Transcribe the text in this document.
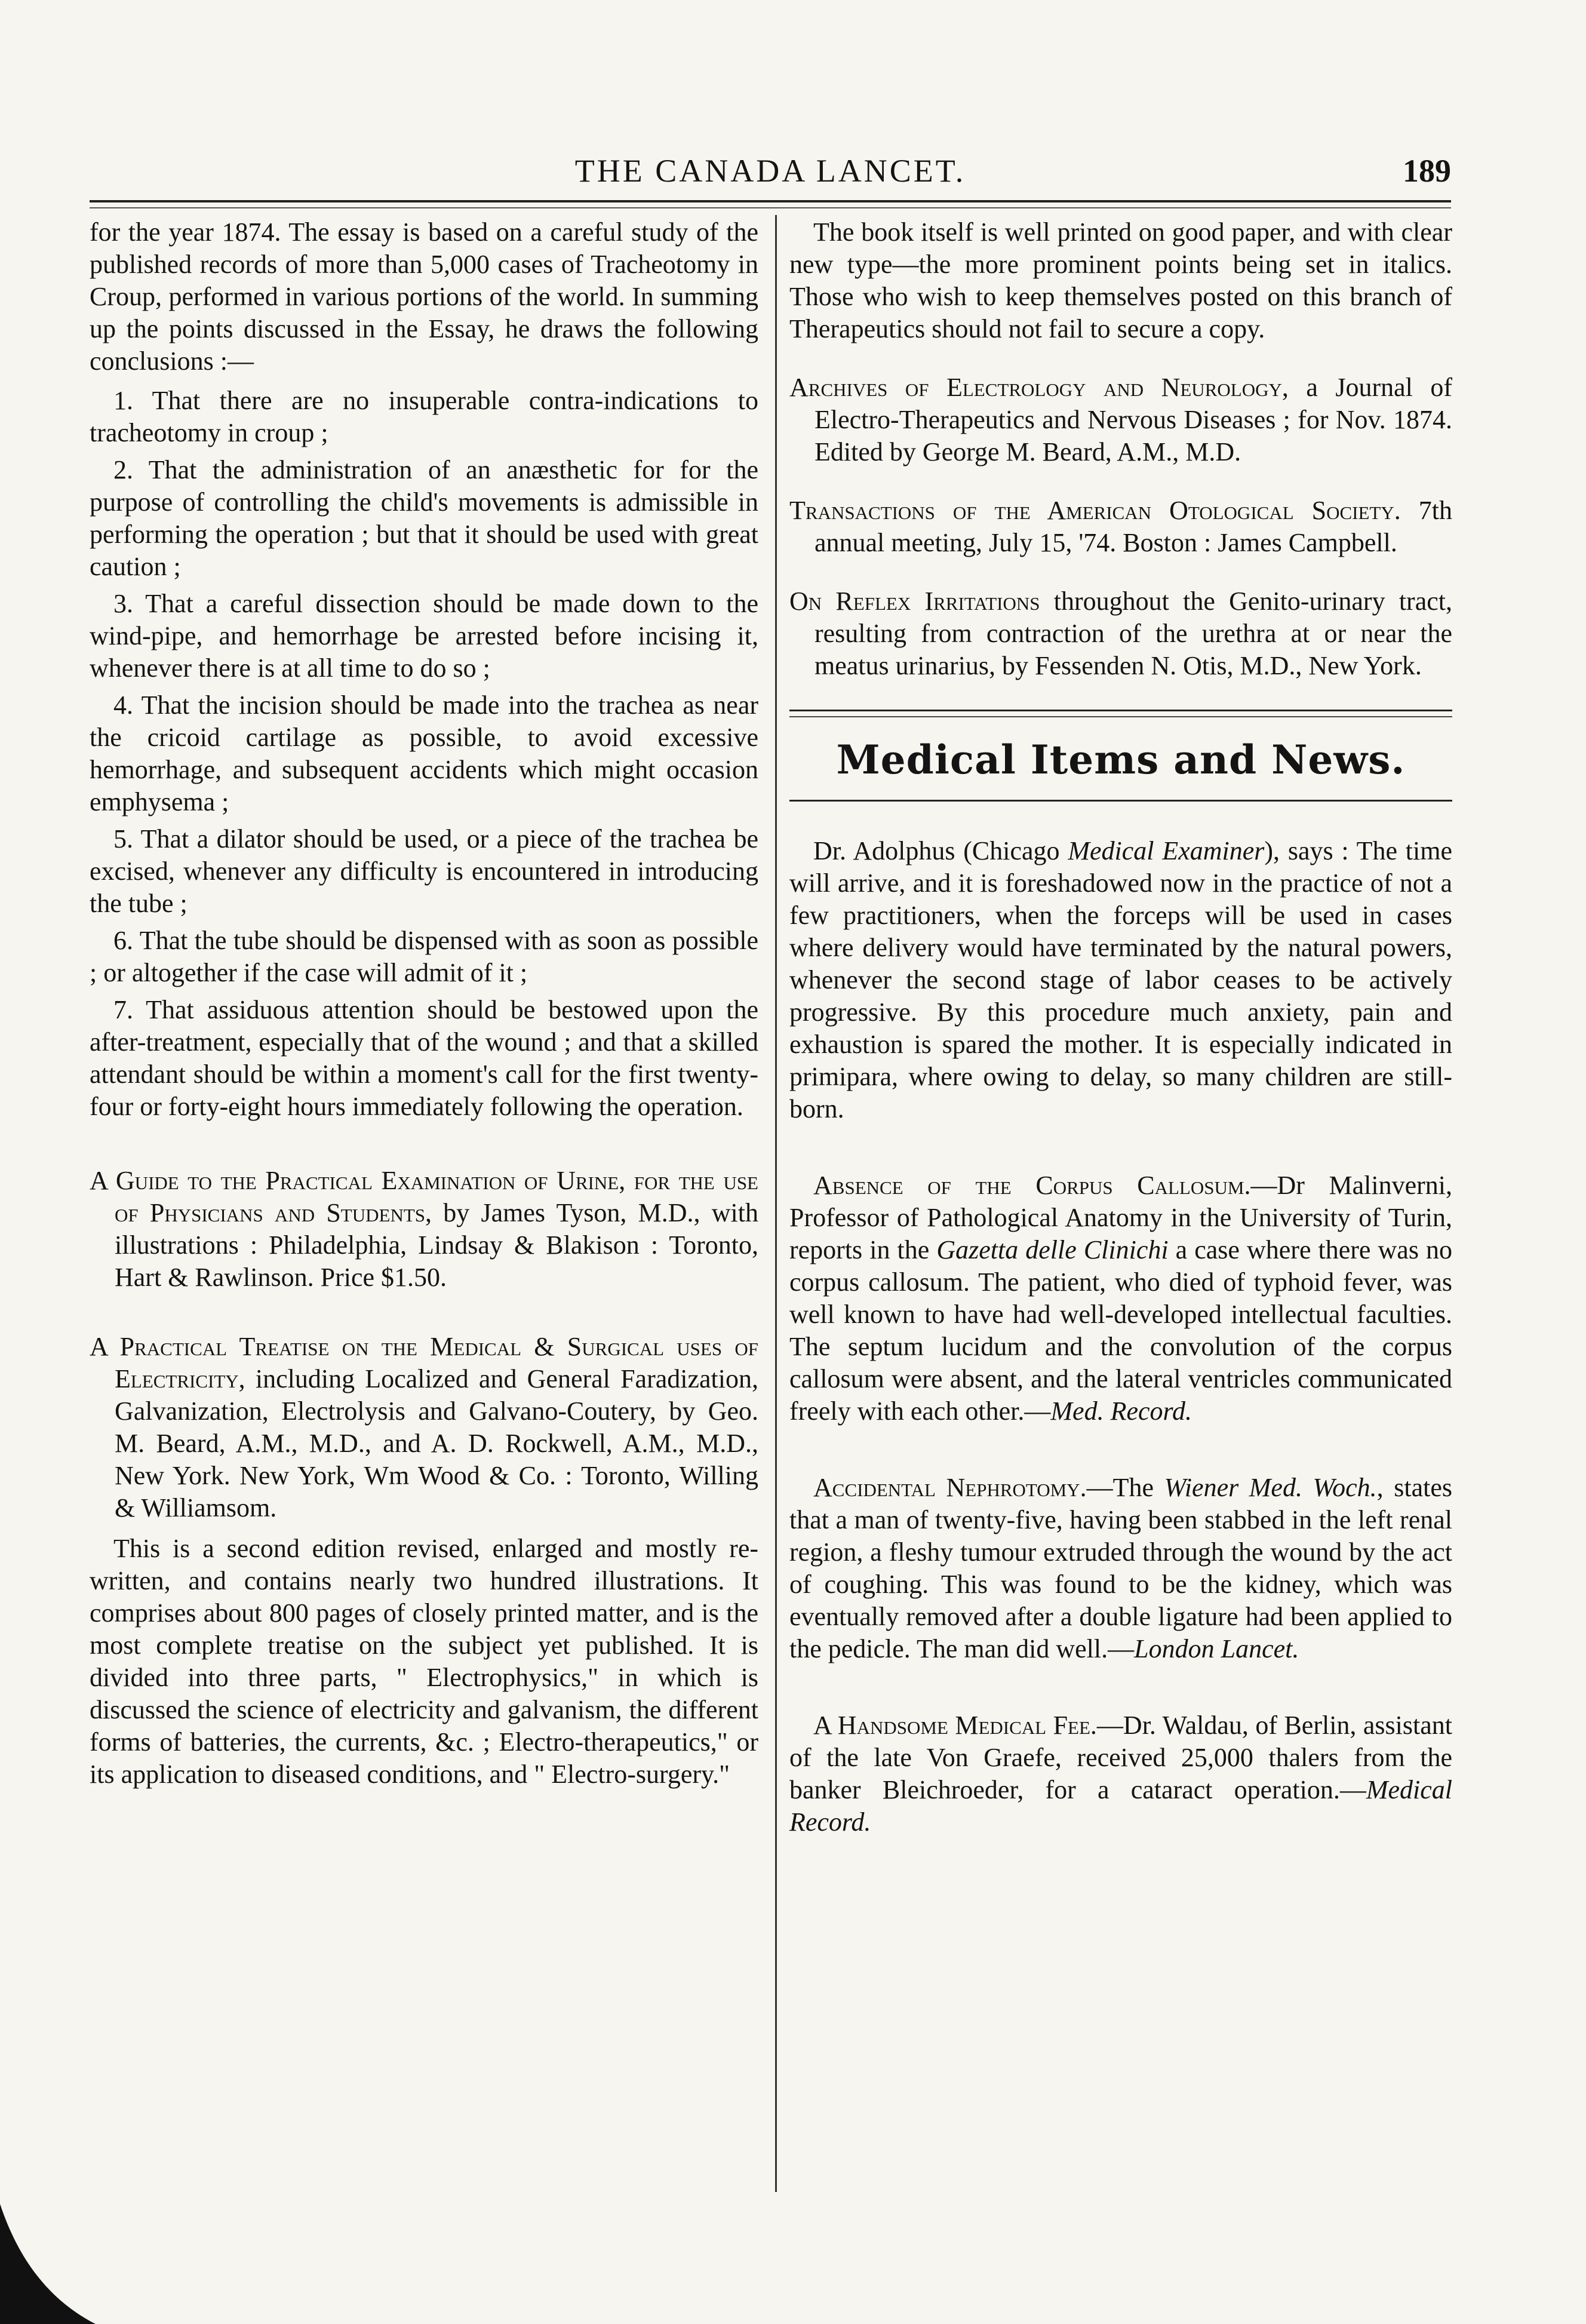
THE CANADA LANCET.	189

for the year 1874. The essay is based on a careful study of the published records of more than 5,000 cases of Tracheotomy in Croup, performed in various portions of the world. In summing up the points discussed in the Essay, he draws the following conclusions :—

1. That there are no insuperable contra-indications to tracheotomy in croup ;

2. That the administration of an anæsthetic for for the purpose of controlling the child's movements is admissible in performing the operation ; but that it should be used with great caution ;

3. That a careful dissection should be made down to the wind-pipe, and hemorrhage be arrested before incising it, whenever there is at all time to do so ;

4. That the incision should be made into the trachea as near the cricoid cartilage as possible, to avoid excessive hemorrhage, and subsequent accidents which might occasion emphysema ;

5. That a dilator should be used, or a piece of the trachea be excised, whenever any difficulty is encountered in introducing the tube ;

6. That the tube should be dispensed with as soon as possible ; or altogether if the case will admit of it ;

7. That assiduous attention should be bestowed upon the after-treatment, especially that of the wound ; and that a skilled attendant should be within a moment's call for the first twenty-four or forty-eight hours immediately following the operation.

A Guide to the Practical Examination of Urine, for the use of Physicians and Students, by James Tyson, M.D., with illustrations : Philadelphia, Lindsay & Blakison : Toronto, Hart & Rawlinson. Price $1.50.

A Practical Treatise on the Medical & Surgical uses of Electricity, including Localized and General Faradization, Galvanization, Electrolysis and Galvano-Coutery, by Geo. M. Beard, A.M., M.D., and A. D. Rockwell, A.M., M.D., New York. New York, Wm Wood & Co. : Toronto, Willing & Williamsom.

This is a second edition revised, enlarged and mostly re-written, and contains nearly two hundred illustrations. It comprises about 800 pages of closely printed matter, and is the most complete treatise on the subject yet published. It is divided into three parts, " Electrophysics," in which is discussed the science of electricity and galvanism, the different forms of batteries, the currents, &c. ; Electro-therapeutics," or its application to diseased conditions, and " Electro-surgery."

The book itself is well printed on good paper, and with clear new type—the more prominent points being set in italics. Those who wish to keep themselves posted on this branch of Therapeutics should not fail to secure a copy.

Archives of Electrology and Neurology, a Journal of Electro-Therapeutics and Nervous Diseases ; for Nov. 1874. Edited by George M. Beard, A.M., M.D.

Transactions of the American Otological Society. 7th annual meeting, July 15, '74. Boston : James Campbell.

On Reflex Irritations throughout the Genito-urinary tract, resulting from contraction of the urethra at or near the meatus urinarius, by Fessenden N. Otis, M.D., New York.

Medical Items and News.

Dr. Adolphus (Chicago Medical Examiner), says : The time will arrive, and it is foreshadowed now in the practice of not a few practitioners, when the forceps will be used in cases where delivery would have terminated by the natural powers, whenever the second stage of labor ceases to be actively progressive. By this procedure much anxiety, pain and exhaustion is spared the mother. It is especially indicated in primipara, where owing to delay, so many children are still-born.

Absence of the Corpus Callosum.—Dr Malinverni, Professor of Pathological Anatomy in the University of Turin, reports in the Gazetta delle Clinichi a case where there was no corpus callosum. The patient, who died of typhoid fever, was well known to have had well-developed intellectual faculties. The septum lucidum and the convolution of the corpus callosum were absent, and the lateral ventricles communicated freely with each other.—Med. Record.

Accidental Nephrotomy.—The Wiener Med. Woch., states that a man of twenty-five, having been stabbed in the left renal region, a fleshy tumour extruded through the wound by the act of coughing. This was found to be the kidney, which was eventually removed after a double ligature had been applied to the pedicle. The man did well.—London Lancet.

A Handsome Medical Fee.—Dr. Waldau, of Berlin, assistant of the late Von Graefe, received 25,000 thalers from the banker Bleichroeder, for a cataract operation.—Medical Record.
